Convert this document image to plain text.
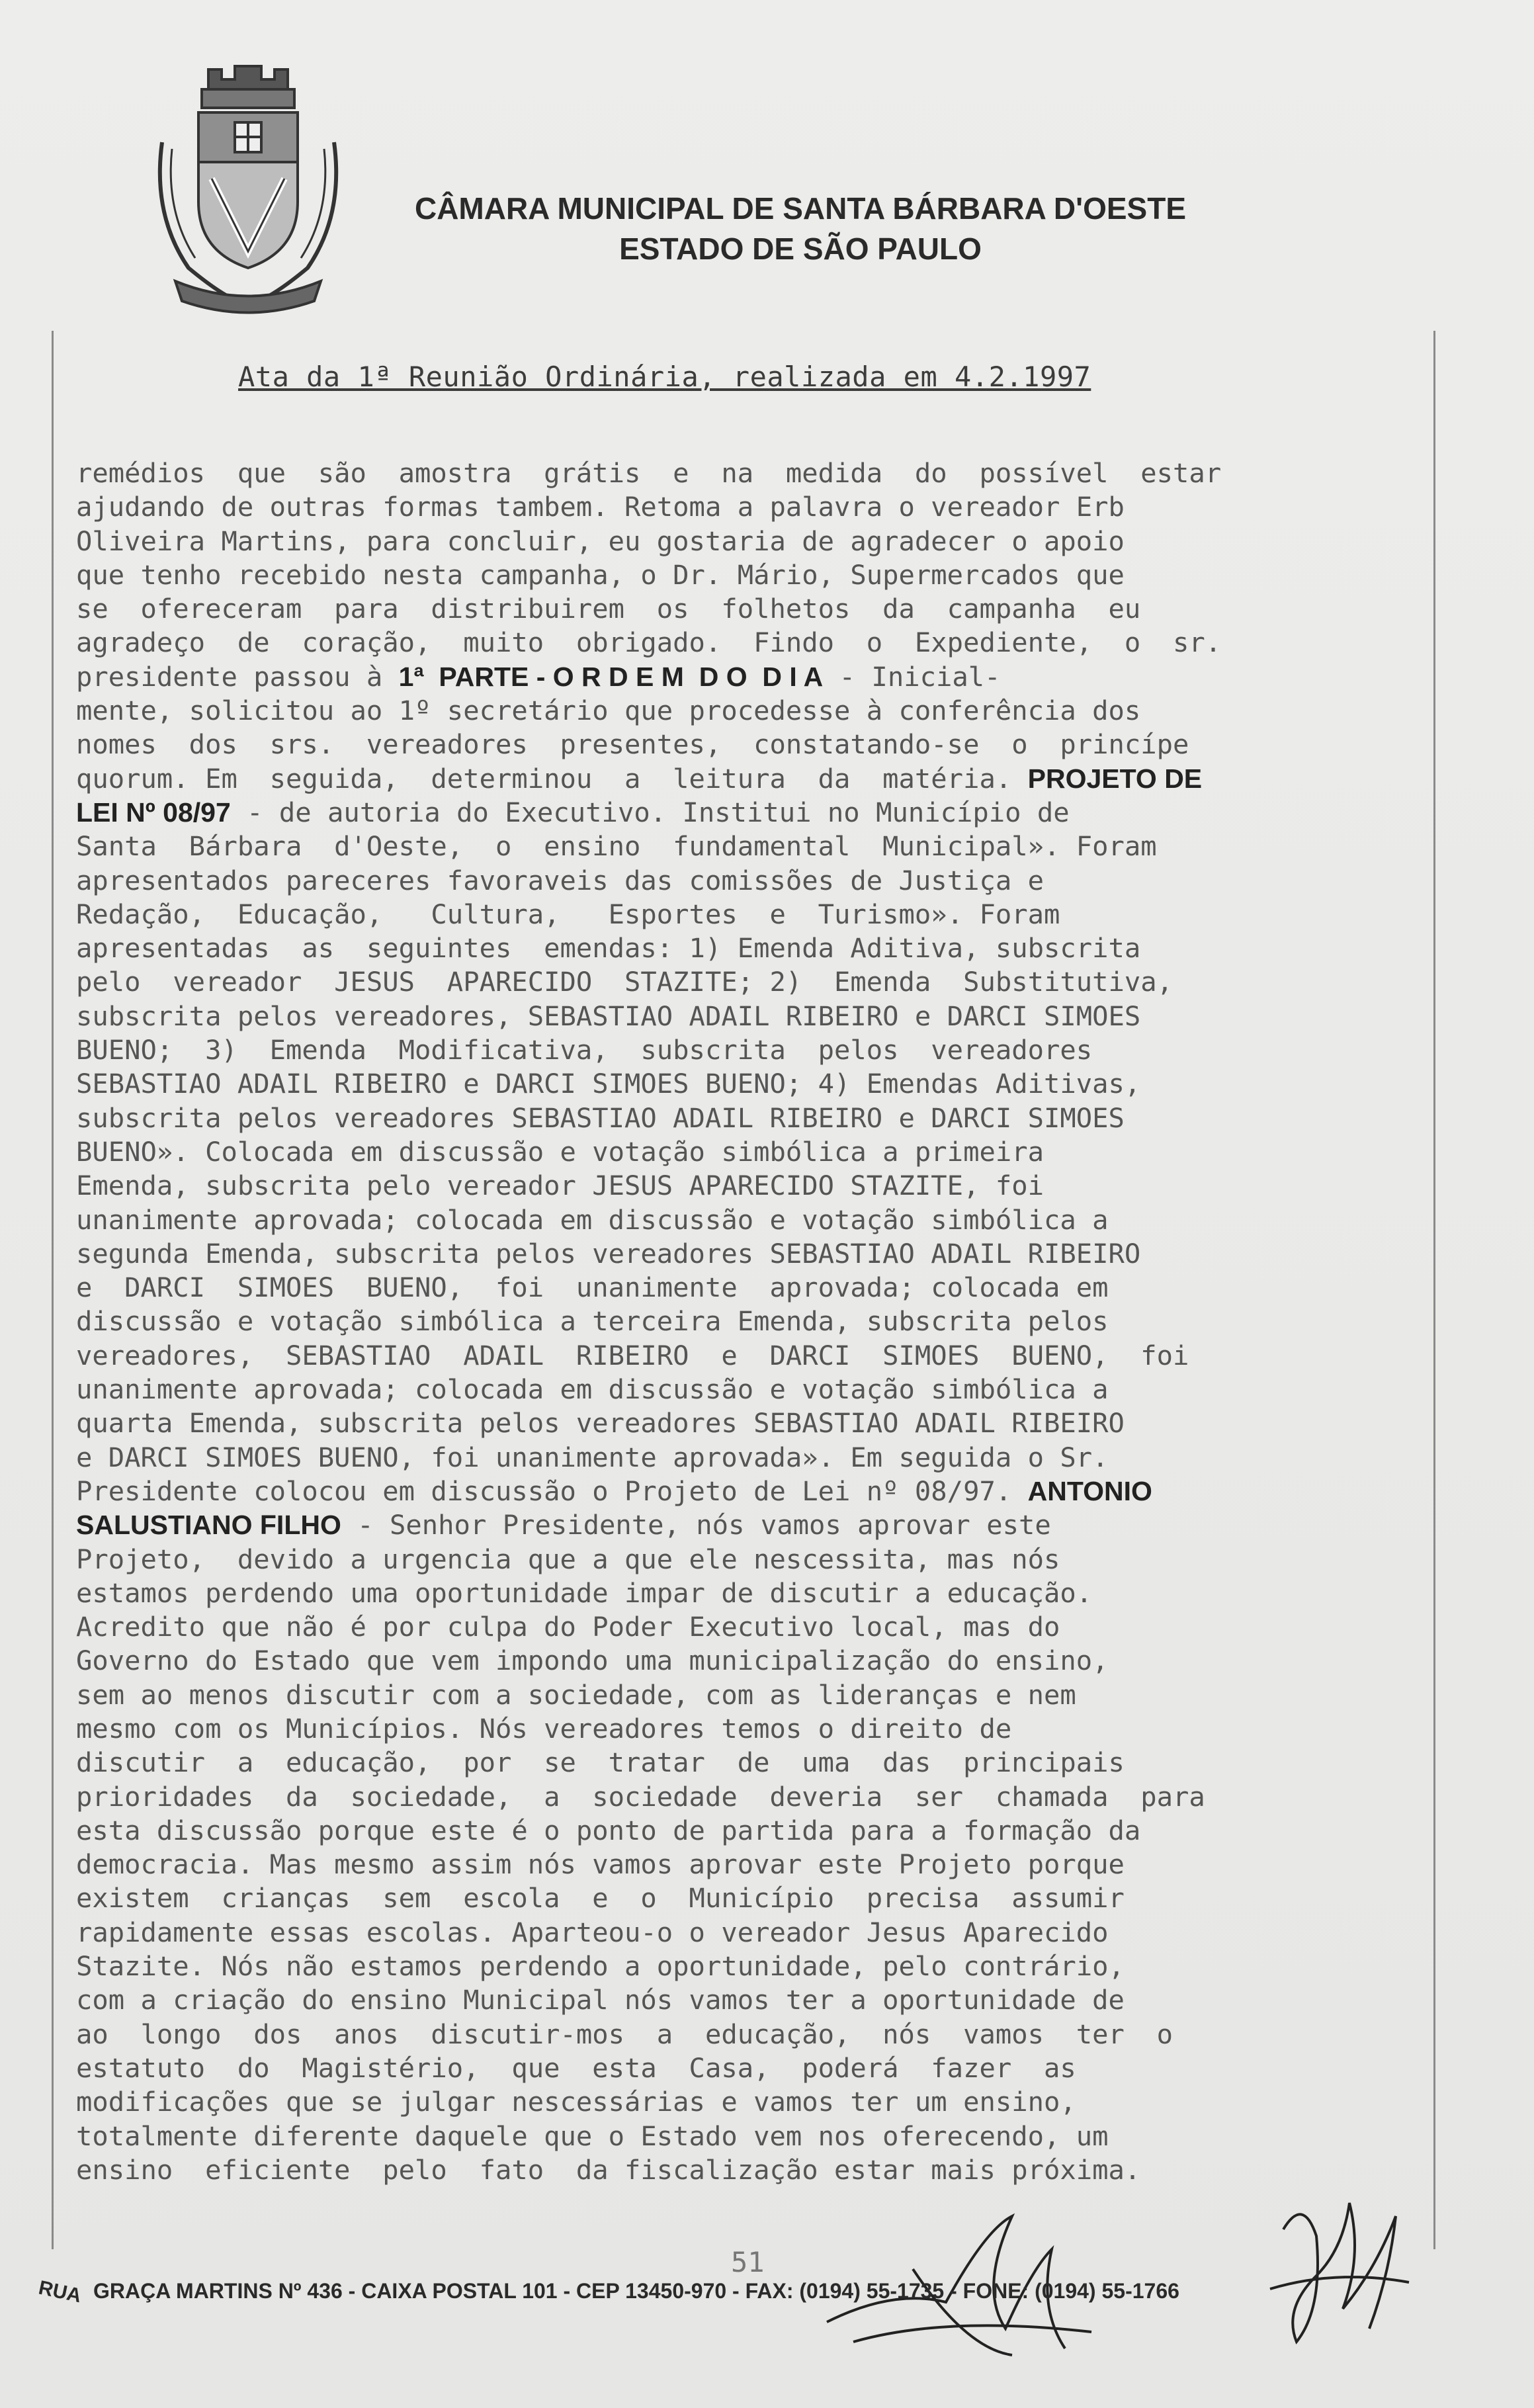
CÂMARA MUNICIPAL DE SANTA BÁRBARA D'OESTE
ESTADO DE SÃO PAULO
Ata da 1ª Reunião Ordinária, realizada em 4.2.1997
remédios  que  são  amostra  grátis  e  na  medida  do  possível  estar
ajudando de outras formas tambem. Retoma a palavra o vereador Erb
Oliveira Martins, para concluir, eu gostaria de agradecer o apoio
que tenho recebido nesta campanha, o Dr. Mário, Supermercados que
se  ofereceram  para  distribuirem  os  folhetos  da  campanha  eu
agradeço  de  coração,  muito  obrigado.  Findo  o  Expediente,  o  sr.
presidente passou à 1ª  PARTE - O R D E M  D O  D I A - Inicial-
mente, solicitou ao 1º secretário que procedesse à conferência dos
nomes  dos  srs.  vereadores  presentes,  constatando-se  o  princípe
quorum. Em  seguida,  determinou  a  leitura  da  matéria. PROJETO DE
LEI Nº 08/97 - de autoria do Executivo. Institui no Município de
Santa  Bárbara  d'Oeste,  o  ensino  fundamental  Municipal». Foram
apresentados pareceres favoraveis das comissões de Justiça e
Redação,  Educação,   Cultura,   Esportes  e  Turismo». Foram
apresentadas  as  seguintes  emendas: 1) Emenda Aditiva, subscrita
pelo  vereador  JESUS  APARECIDO  STAZITE; 2)  Emenda  Substitutiva,
subscrita pelos vereadores, SEBASTIAO ADAIL RIBEIRO e DARCI SIMOES
BUENO;  3)  Emenda  Modificativa,  subscrita  pelos  vereadores
SEBASTIAO ADAIL RIBEIRO e DARCI SIMOES BUENO; 4) Emendas Aditivas,
subscrita pelos vereadores SEBASTIAO ADAIL RIBEIRO e DARCI SIMOES
BUENO». Colocada em discussão e votação simbólica a primeira
Emenda, subscrita pelo vereador JESUS APARECIDO STAZITE, foi
unanimente aprovada; colocada em discussão e votação simbólica a
segunda Emenda, subscrita pelos vereadores SEBASTIAO ADAIL RIBEIRO
e  DARCI  SIMOES  BUENO,  foi  unanimente  aprovada; colocada em
discussão e votação simbólica a terceira Emenda, subscrita pelos
vereadores,  SEBASTIAO  ADAIL  RIBEIRO  e  DARCI  SIMOES  BUENO,  foi
unanimente aprovada; colocada em discussão e votação simbólica a
quarta Emenda, subscrita pelos vereadores SEBASTIAO ADAIL RIBEIRO
e DARCI SIMOES BUENO, foi unanimente aprovada». Em seguida o Sr.
Presidente colocou em discussão o Projeto de Lei nº 08/97. ANTONIO
SALUSTIANO FILHO - Senhor Presidente, nós vamos aprovar este
Projeto,  devido a urgencia que a que ele nescessita, mas nós
estamos perdendo uma oportunidade impar de discutir a educação.
Acredito que não é por culpa do Poder Executivo local, mas do
Governo do Estado que vem impondo uma municipalização do ensino,
sem ao menos discutir com a sociedade, com as lideranças e nem
mesmo com os Municípios. Nós vereadores temos o direito de
discutir  a  educação,  por  se  tratar  de  uma  das  principais
prioridades  da  sociedade,  a  sociedade  deveria  ser  chamada  para
esta discussão porque este é o ponto de partida para a formação da
democracia. Mas mesmo assim nós vamos aprovar este Projeto porque
existem  crianças  sem  escola  e  o  Município  precisa  assumir
rapidamente essas escolas. Aparteou-o o vereador Jesus Aparecido
Stazite. Nós não estamos perdendo a oportunidade, pelo contrário,
com a criação do ensino Municipal nós vamos ter a oportunidade de
ao  longo  dos  anos  discutir-mos  a  educação,  nós  vamos  ter  o
estatuto  do  Magistério,  que  esta  Casa,  poderá  fazer  as
modificações que se julgar nescessárias e vamos ter um ensino,
totalmente diferente daquele que o Estado vem nos oferecendo, um
ensino  eficiente  pelo  fato  da fiscalização estar mais próxima.
51
RUA GRAÇA MARTINS Nº 436 - CAIXA POSTAL 101 - CEP 13450-970 - FAX: (0194) 55-1735 - FONE: (0194) 55-1766
